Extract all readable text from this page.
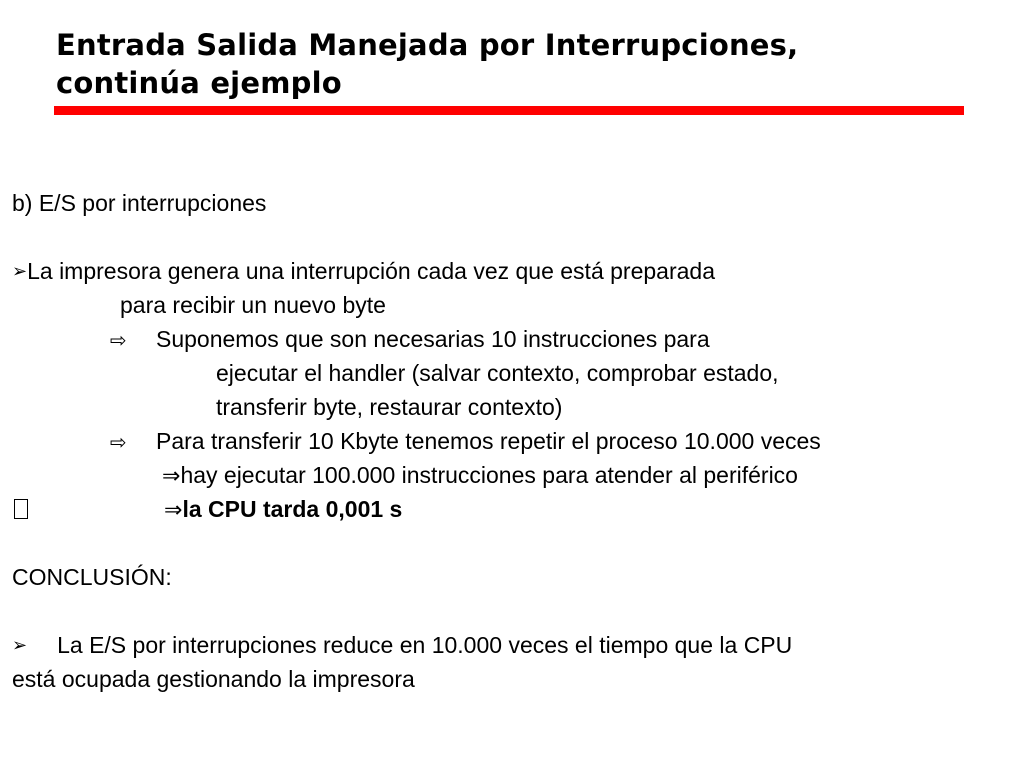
Entrada Salida Manejada por Interrupciones,
continúa ejemplo
b) E/S por interrupciones
➢La impresora genera una interrupción cada vez que está preparada
para recibir un nuevo byte
⇨ Suponemos que son necesarias 10 instrucciones para
ejecutar el handler (salvar contexto, comprobar estado,
transferir byte, restaurar contexto)
⇨ Para transferir 10 Kbyte tenemos repetir el proceso 10.000 veces
⇒hay ejecutar 100.000 instrucciones para atender al periférico
⇒la CPU tarda 0,001 s
CONCLUSIÓN:
➢ La E/S por interrupciones reduce en 10.000 veces el tiempo que la CPU
está ocupada gestionando la impresora
